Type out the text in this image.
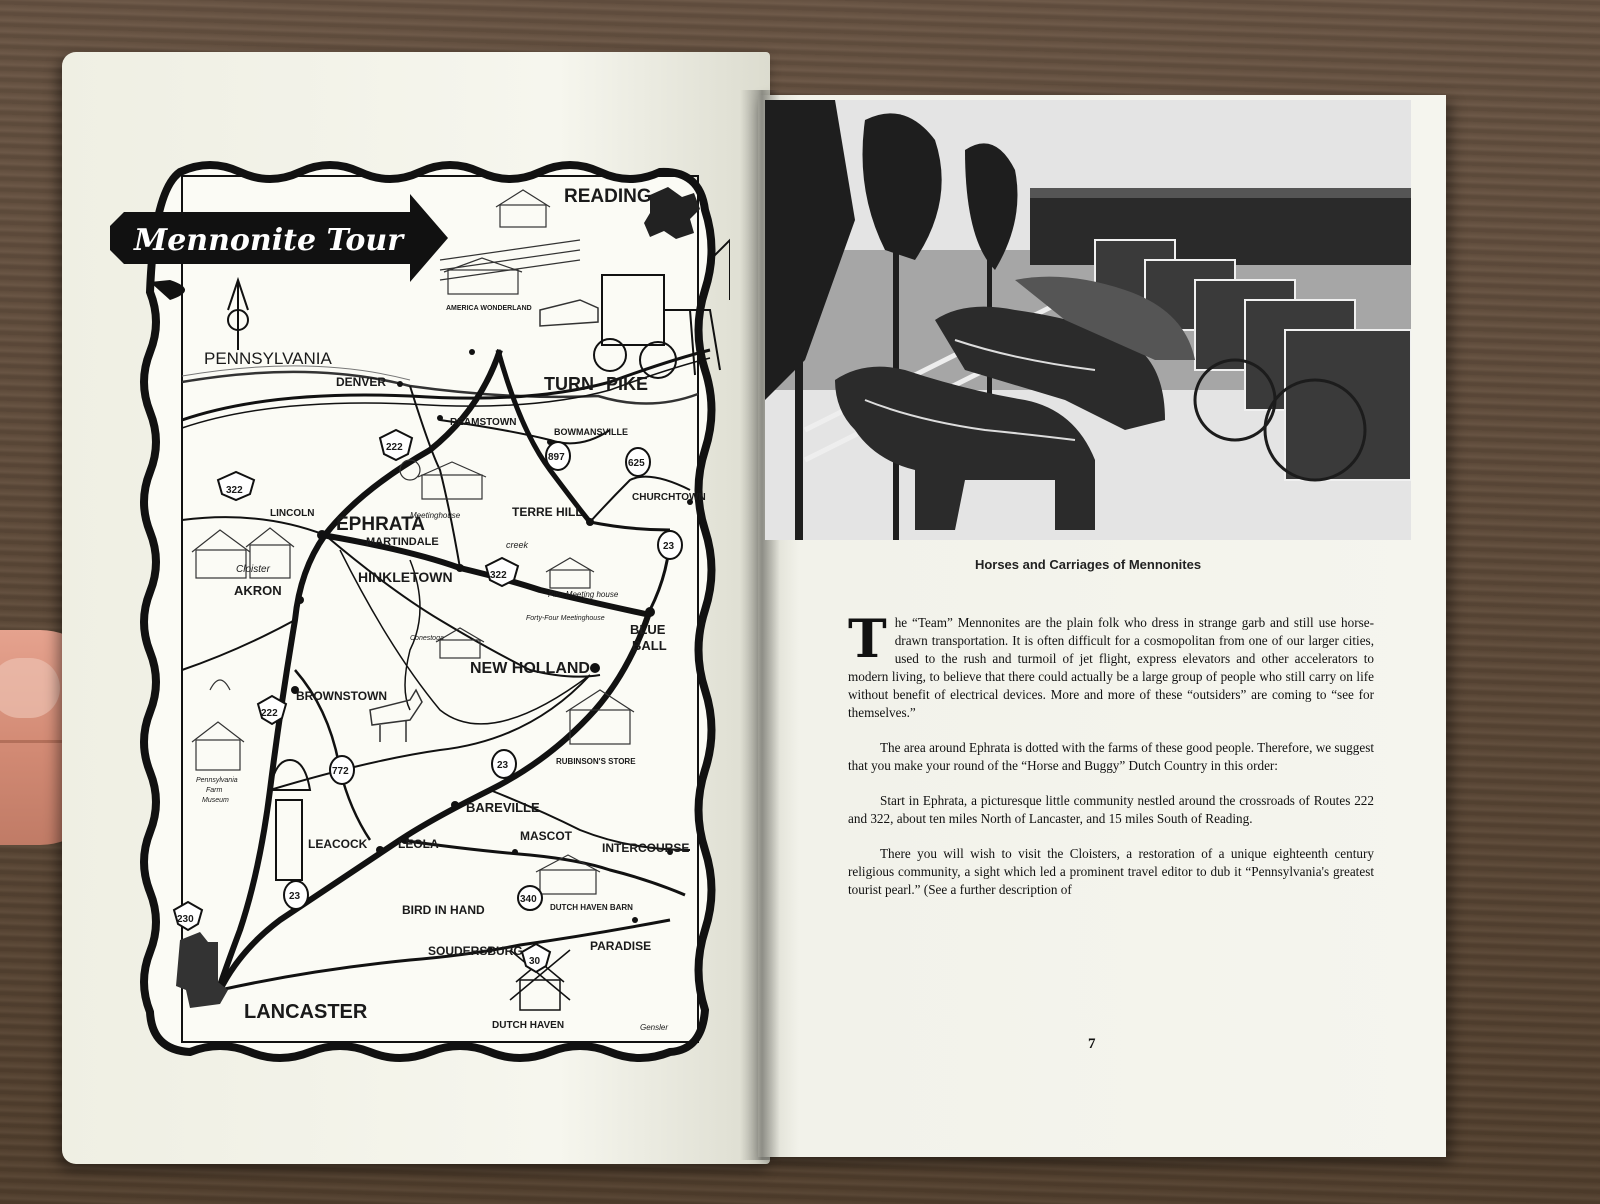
Mennonite Tour
222
322
897
625
23
322
222
772
23
23
230
340
30
READING
PENNSYLVANIA
DENVER	TURN PIKE
REAMSTOWN
BOWMANSVILLE
LINCOLN
CHURCHTOWN
EPHRATA
TERRE HILL
MARTINDALE
AKRON
HINKLETOWN
BLUE
BALL
NEW HOLLAND
BROWNSTOWN
BAREVILLE
LEACOCK	LEOLA
MASCOT
INTERCOURSE
BIRD IN HAND
SOUDERSBURG	PARADISE
LANCASTER
AMERICA WONDERLAND
Meetinghouse
Cloister
creek
Pike Meeting house
Forty-Four Meetinghouse
Conestoga
Pennsylvania
Farm
Museum
RUBINSON'S STORE
DUTCH HAVEN BARN
DUTCH HAVEN	Gensler
Horses and Carriages of Mennonites

The “Team” Mennonites are the plain folk who dress in strange garb and still use horse-drawn transportation. It is often difficult for a cosmopolitan from one of our larger cities, used to the rush and turmoil of jet flight, express elevators and other accelerators to modern living, to believe that there could actually be a large group of people who still carry on life without benefit of electrical devices. More and more of these “outsiders” are coming to “see for themselves.”

The area around Ephrata is dotted with the farms of these good people. Therefore, we suggest that you make your round of the “Horse and Buggy” Dutch Country in this order:

Start in Ephrata, a picturesque little community nestled around the crossroads of Routes 222 and 322, about ten miles North of Lancaster, and 15 miles South of Reading.

There you will wish to visit the Cloisters, a restoration of a unique eighteenth century religious community, a sight which led a prominent travel editor to dub it “Pennsylvania's greatest tourist pearl.” (See a further description of

7
